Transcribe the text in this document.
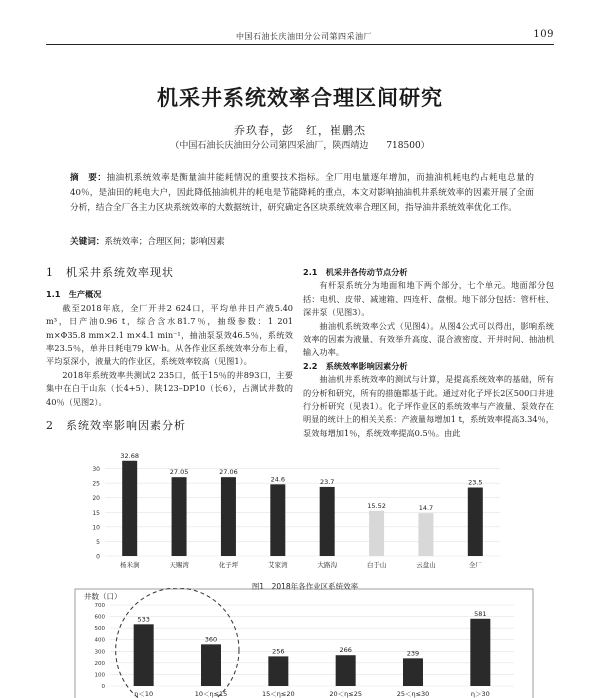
中国石油长庆油田分公司第四采油厂	109
机采井系统效率合理区间研究
乔玖春，彭　红，崔鹏杰
（中国石油长庆油田分公司第四采油厂，陕西靖边　　718500）
摘　要：抽油机系统效率是衡量油井能耗情况的重要技术指标。全厂用电量逐年增加，而抽油机耗电约占耗电总量的40％，是油田的耗电大户，因此降低抽油机井的耗电是节能降耗的重点，本文对影响抽油机井系统效率的因素开展了全面分析，结合全厂各主力区块系统效率的大数据统计，研究确定各区块系统效率合理区间，指导油井系统效率优化工作。
关键词：系统效率；合理区间；影响因素
1　机采井系统效率现状
1.1　生产概况

截至2018年底，全厂开井2 624口，平均单井日产液5.40 m³，日产油0.96 t，综合含水81.7％，抽级参数：1 201 m×Φ35.8 mm×2.1 m×4.1 min⁻¹，抽油泵泵效46.5％，系统效率23.5％，单井日耗电79 kW·h。从各作业区系统效率分布上看，平均泵深小，液量大的作业区，系统效率较高（见图1）。

2018年系统效率共测试2 235口，低于15％的井893口，主要集中在白于山东（长4+5）、陕123–DP10（长6），占测试井数的40％（见图2）。

2　系统效率影响因素分析
2.1　机采井各传动节点分析

有杆泵系统分为地面和地下两个部分，七个单元。地面部分包括：电机、皮带、减速箱、四连杆、盘根。地下部分包括：管杆柱、深井泵（见图3）。

抽油机系统效率公式（见图4）。从图4公式可以得出，影响系统效率的因素为液量、有效举升高度、混合液密度、开井时间、抽油机输入功率。

2.2　系统效率影响因素分析

抽油机井系统效率的测试与计算，是提高系统效率的基础，所有的分析和研究，所有的措施都基于此。通过对化子坪长2区500口井进行分析研究（见表1）。化子坪作业区的系统效率与产液量、泵效存在明显的统计上的相关关系：产液量每增加1 t，系统效率提高3.34％，泵效每增加1％，系统效率提高0.5％。由此

0
5
10
15
20
25
30
32.68
杨米涧
27.05
天赐湾
27.06
化子坪
24.6
艾家湾
23.7
大路沟
15.52
白于山
14.7
云盘山
23.5
全厂
图1　2018年各作业区系统效率
井数（口）
0
100
200
300
400
500
600
700
533
η＜10
360
10＜η≤15
256
15＜η≤20
266
20＜η≤25
239
25＜η≤30
581
η＞30
